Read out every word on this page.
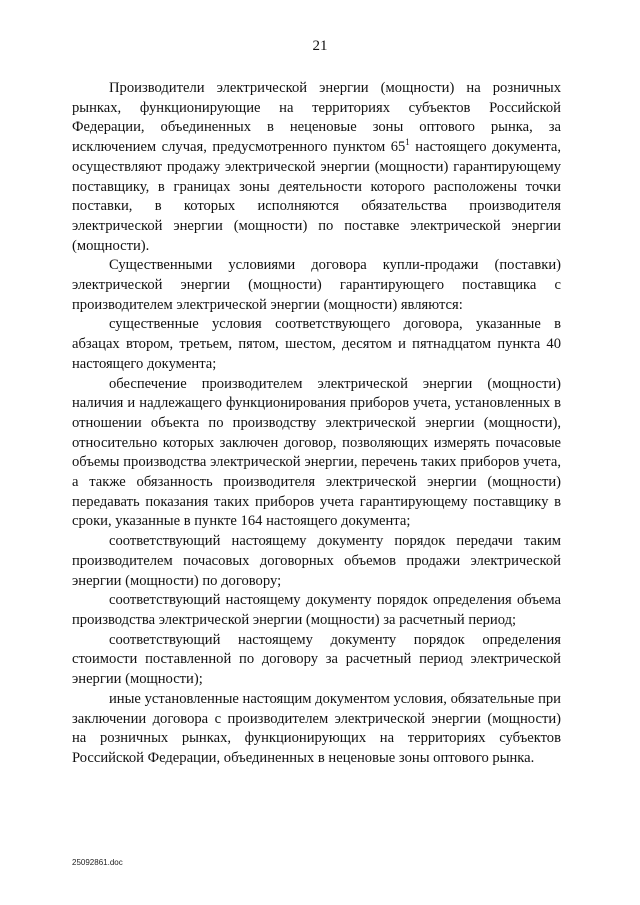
21

Производители электрической энергии (мощности) на розничных рынках, функционирующие на территориях субъектов Российской Федерации, объединенных в неценовые зоны оптового рынка, за исключением случая, предусмотренного пунктом $65^1$ настоящего документа, осуществляют продажу электрической энергии (мощности) гарантирующему поставщику, в границах зоны деятельности которого расположены точки поставки, в которых исполняются обязательства производителя электрической энергии (мощности) по поставке электрической энергии (мощности).

Существенными условиями договора купли-продажи (поставки) электрической энергии (мощности) гарантирующего поставщика с производителем электрической энергии (мощности) являются:

существенные условия соответствующего договора, указанные в абзацах втором, третьем, пятом, шестом, десятом и пятнадцатом пункта 40 настоящего документа;

обеспечение производителем электрической энергии (мощности) наличия и надлежащего функционирования приборов учета, установленных в отношении объекта по производству электрической энергии (мощности), относительно которых заключен договор, позволяющих измерять почасовые объемы производства электрической энергии, перечень таких приборов учета, а также обязанность производителя электрической энергии (мощности) передавать показания таких приборов учета гарантирующему поставщику в сроки, указанные в пункте 164 настоящего документа;

соответствующий настоящему документу порядок передачи таким производителем почасовых договорных объемов продажи электрической энергии (мощности) по договору;

соответствующий настоящему документу порядок определения объема производства электрической энергии (мощности) за расчетный период;

соответствующий настоящему документу порядок определения стоимости поставленной по договору за расчетный период электрической энергии (мощности);

иные установленные настоящим документом условия, обязательные при заключении договора с производителем электрической энергии (мощности) на розничных рынках, функционирующих на территориях субъектов Российской Федерации, объединенных в неценовые зоны оптового рынка.

25092861.doc
